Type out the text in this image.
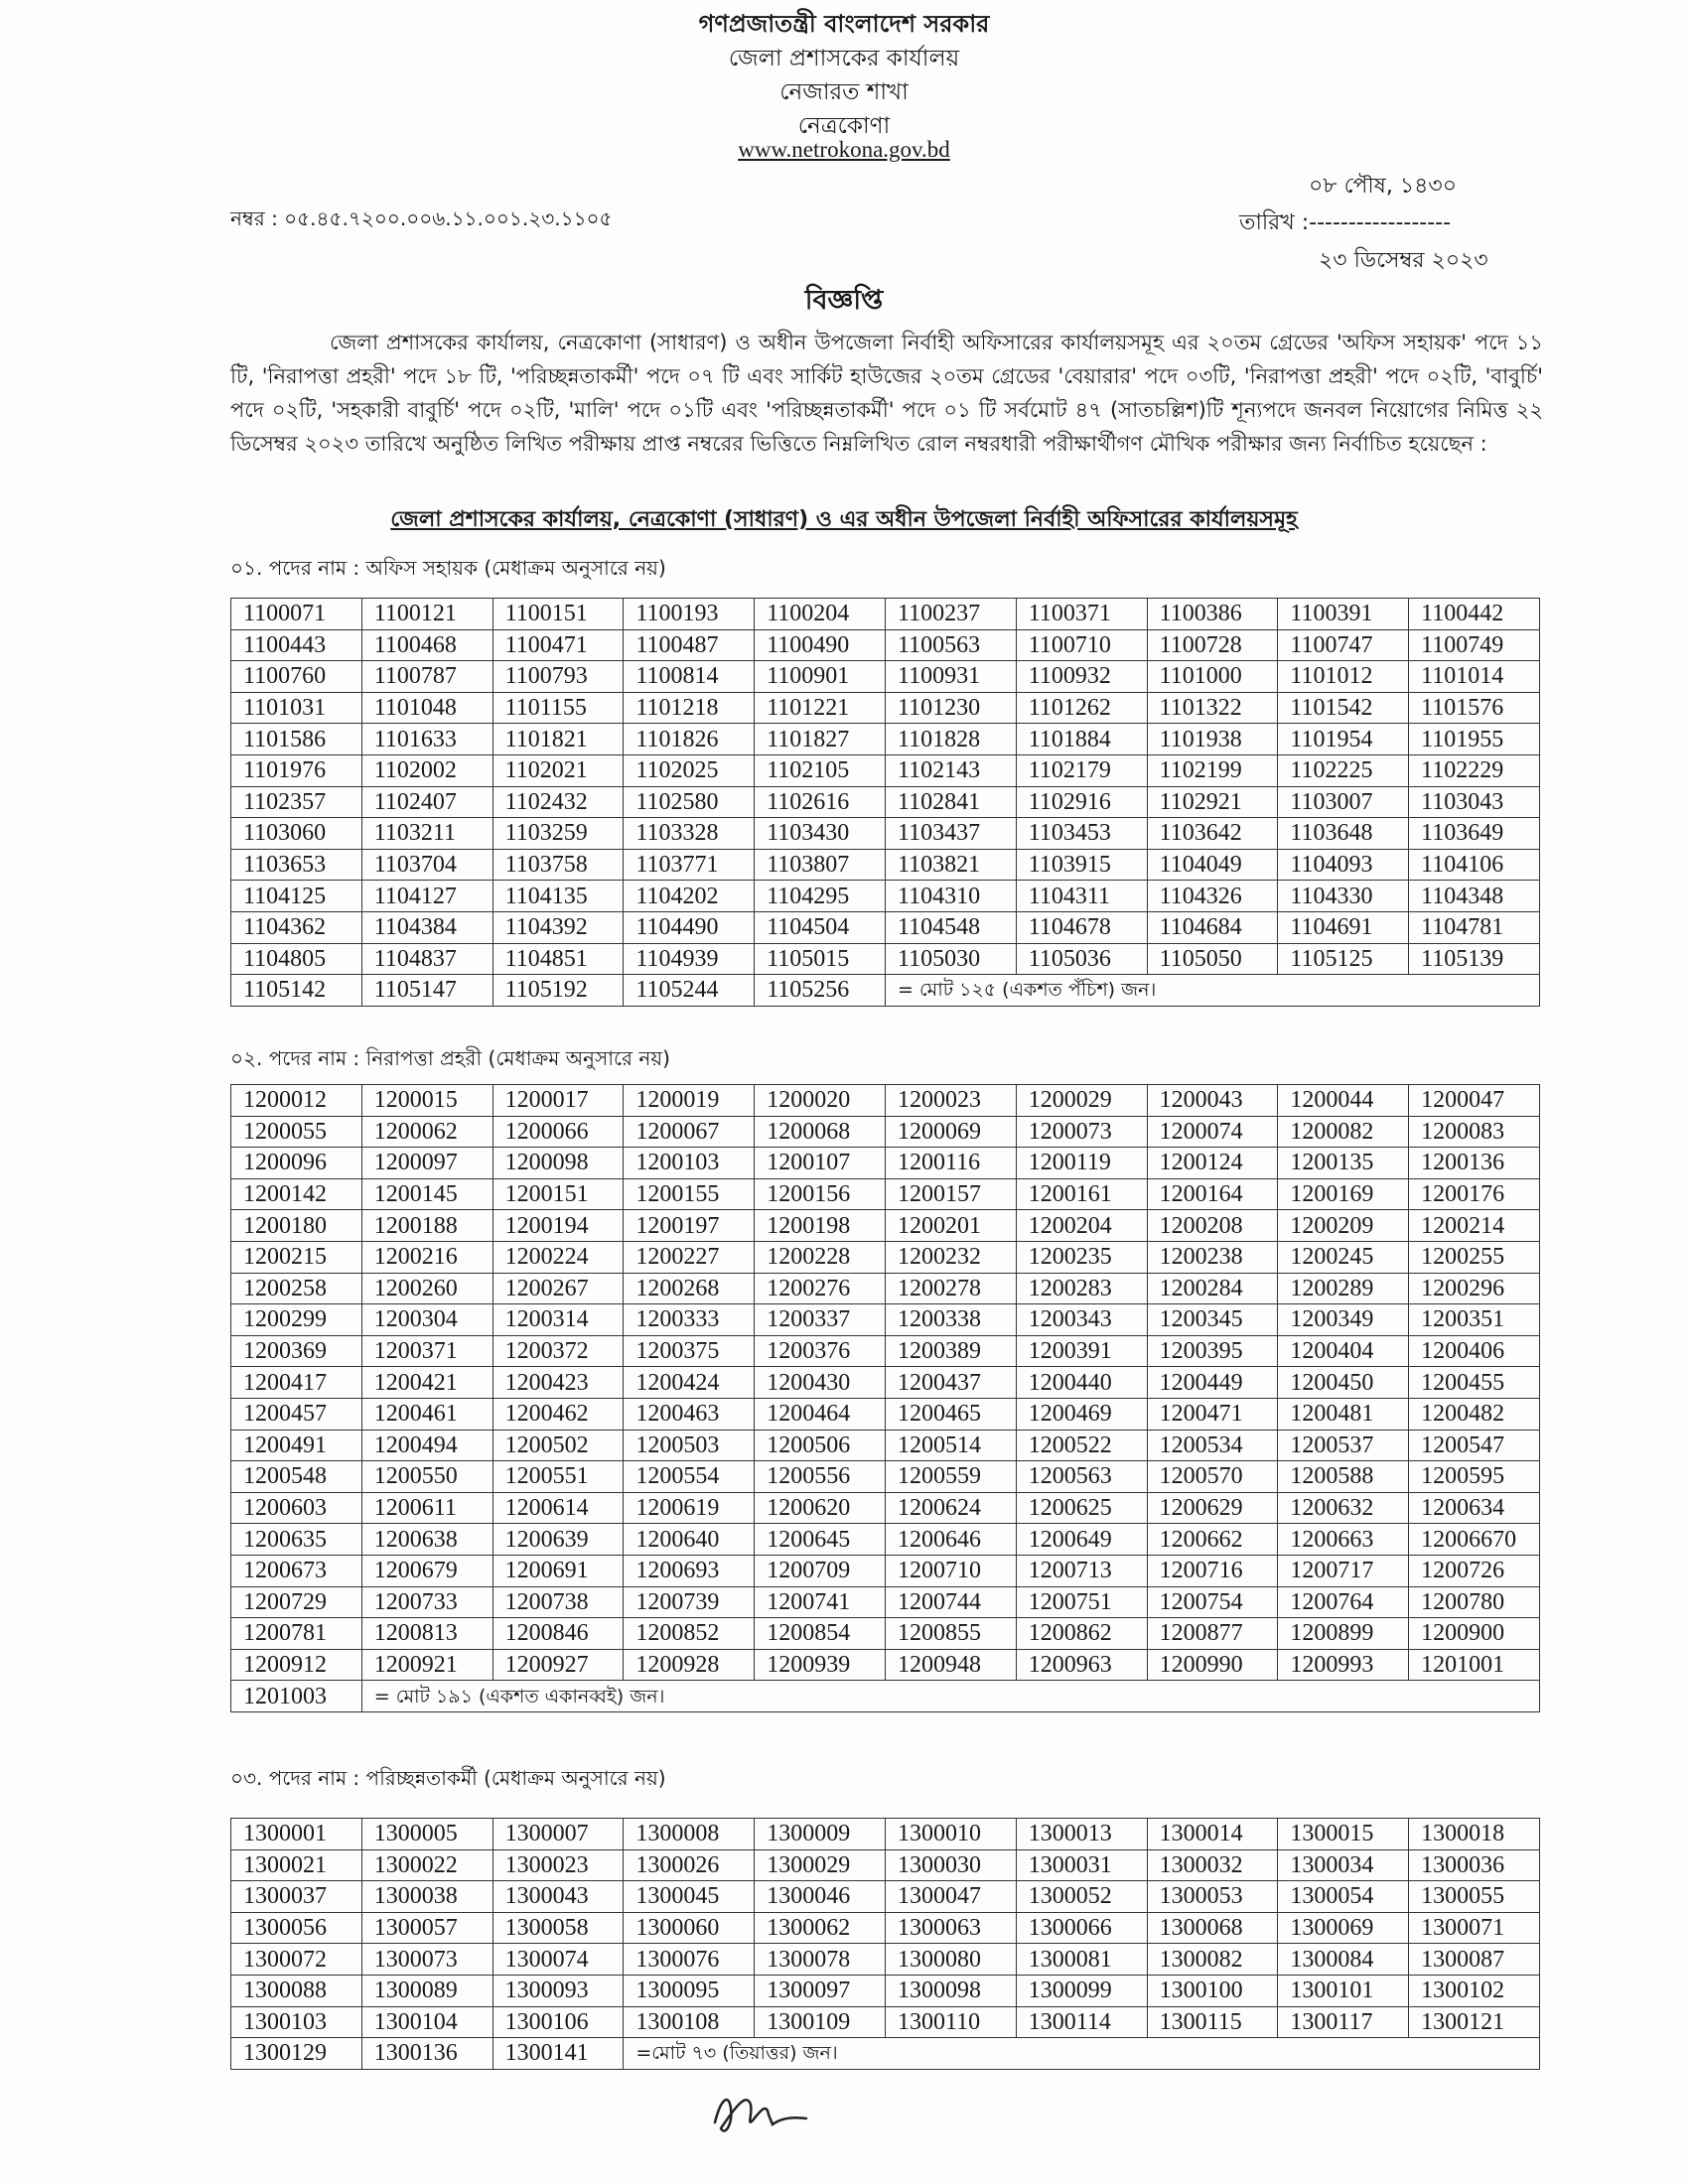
গণপ্রজাতন্ত্রী বাংলাদেশ সরকার
জেলা প্রশাসকের কার্যালয়
নেজারত শাখা
নেত্রকোণা
www.netrokona.gov.bd
নম্বর : ০৫.৪৫.৭২০০.০০৬.১১.০০১.২৩.১১০৫
০৮ পৌষ, ১৪৩০
তারিখ :------------------
২৩ ডিসেম্বর ২০২৩
বিজ্ঞপ্তি
জেলা প্রশাসকের কার্যালয়, নেত্রকোণা (সাধারণ) ও অধীন উপজেলা নির্বাহী অফিসারের কার্যালয়সমূহ এর ২০তম গ্রেডের 'অফিস সহায়ক' পদে ১১ টি, 'নিরাপত্তা প্রহরী' পদে ১৮ টি, 'পরিচ্ছন্নতাকর্মী' পদে ০৭ টি এবং সার্কিট হাউজের ২০তম গ্রেডের 'বেয়ারার' পদে ০৩টি, 'নিরাপত্তা প্রহরী' পদে ০২টি, 'বাবুর্চি' পদে ০২টি, 'সহকারী বাবুর্চি' পদে ০২টি, 'মালি' পদে ০১টি এবং 'পরিচ্ছন্নতাকর্মী' পদে ০১ টি সর্বমোট ৪৭ (সাতচল্লিশ)টি শূন্যপদে জনবল নিয়োগের নিমিত্ত ২২ ডিসেম্বর ২০২৩ তারিখে অনুষ্ঠিত লিখিত পরীক্ষায় প্রাপ্ত নম্বরের ভিত্তিতে নিম্নলিখিত রোল নম্বরধারী পরীক্ষার্থীগণ মৌখিক পরীক্ষার জন্য নির্বাচিত হয়েছেন :
জেলা প্রশাসকের কার্যালয়, নেত্রকোণা (সাধারণ) ও এর অধীন উপজেলা নির্বাহী অফিসারের কার্যালয়সমূহ
০১. পদের নাম : অফিস সহায়ক (মেধাক্রম অনুসারে নয়)
1100071	1100121	1100151	1100193	1100204	1100237	1100371	1100386	1100391	1100442
1100443	1100468	1100471	1100487	1100490	1100563	1100710	1100728	1100747	1100749
1100760	1100787	1100793	1100814	1100901	1100931	1100932	1101000	1101012	1101014
1101031	1101048	1101155	1101218	1101221	1101230	1101262	1101322	1101542	1101576
1101586	1101633	1101821	1101826	1101827	1101828	1101884	1101938	1101954	1101955
1101976	1102002	1102021	1102025	1102105	1102143	1102179	1102199	1102225	1102229
1102357	1102407	1102432	1102580	1102616	1102841	1102916	1102921	1103007	1103043
1103060	1103211	1103259	1103328	1103430	1103437	1103453	1103642	1103648	1103649
1103653	1103704	1103758	1103771	1103807	1103821	1103915	1104049	1104093	1104106
1104125	1104127	1104135	1104202	1104295	1104310	1104311	1104326	1104330	1104348
1104362	1104384	1104392	1104490	1104504	1104548	1104678	1104684	1104691	1104781
1104805	1104837	1104851	1104939	1105015	1105030	1105036	1105050	1105125	1105139
1105142	1105147	1105192	1105244	1105256	= মোট ১২৫ (একশত পঁচিশ) জন।				
০২. পদের নাম : নিরাপত্তা প্রহরী (মেধাক্রম অনুসারে নয়)
1200012	1200015	1200017	1200019	1200020	1200023	1200029	1200043	1200044	1200047
1200055	1200062	1200066	1200067	1200068	1200069	1200073	1200074	1200082	1200083
1200096	1200097	1200098	1200103	1200107	1200116	1200119	1200124	1200135	1200136
1200142	1200145	1200151	1200155	1200156	1200157	1200161	1200164	1200169	1200176
1200180	1200188	1200194	1200197	1200198	1200201	1200204	1200208	1200209	1200214
1200215	1200216	1200224	1200227	1200228	1200232	1200235	1200238	1200245	1200255
1200258	1200260	1200267	1200268	1200276	1200278	1200283	1200284	1200289	1200296
1200299	1200304	1200314	1200333	1200337	1200338	1200343	1200345	1200349	1200351
1200369	1200371	1200372	1200375	1200376	1200389	1200391	1200395	1200404	1200406
1200417	1200421	1200423	1200424	1200430	1200437	1200440	1200449	1200450	1200455
1200457	1200461	1200462	1200463	1200464	1200465	1200469	1200471	1200481	1200482
1200491	1200494	1200502	1200503	1200506	1200514	1200522	1200534	1200537	1200547
1200548	1200550	1200551	1200554	1200556	1200559	1200563	1200570	1200588	1200595
1200603	1200611	1200614	1200619	1200620	1200624	1200625	1200629	1200632	1200634
1200635	1200638	1200639	1200640	1200645	1200646	1200649	1200662	1200663	12006670
1200673	1200679	1200691	1200693	1200709	1200710	1200713	1200716	1200717	1200726
1200729	1200733	1200738	1200739	1200741	1200744	1200751	1200754	1200764	1200780
1200781	1200813	1200846	1200852	1200854	1200855	1200862	1200877	1200899	1200900
1200912	1200921	1200927	1200928	1200939	1200948	1200963	1200990	1200993	1201001
1201003	= মোট ১৯১ (একশত একানব্বই) জন।								
০৩. পদের নাম : পরিচ্ছন্নতাকর্মী (মেধাক্রম অনুসারে নয়)
1300001	1300005	1300007	1300008	1300009	1300010	1300013	1300014	1300015	1300018
1300021	1300022	1300023	1300026	1300029	1300030	1300031	1300032	1300034	1300036
1300037	1300038	1300043	1300045	1300046	1300047	1300052	1300053	1300054	1300055
1300056	1300057	1300058	1300060	1300062	1300063	1300066	1300068	1300069	1300071
1300072	1300073	1300074	1300076	1300078	1300080	1300081	1300082	1300084	1300087
1300088	1300089	1300093	1300095	1300097	1300098	1300099	1300100	1300101	1300102
1300103	1300104	1300106	1300108	1300109	1300110	1300114	1300115	1300117	1300121
1300129	1300136	1300141	=মোট ৭৩ (তিয়াত্তর) জন।						
